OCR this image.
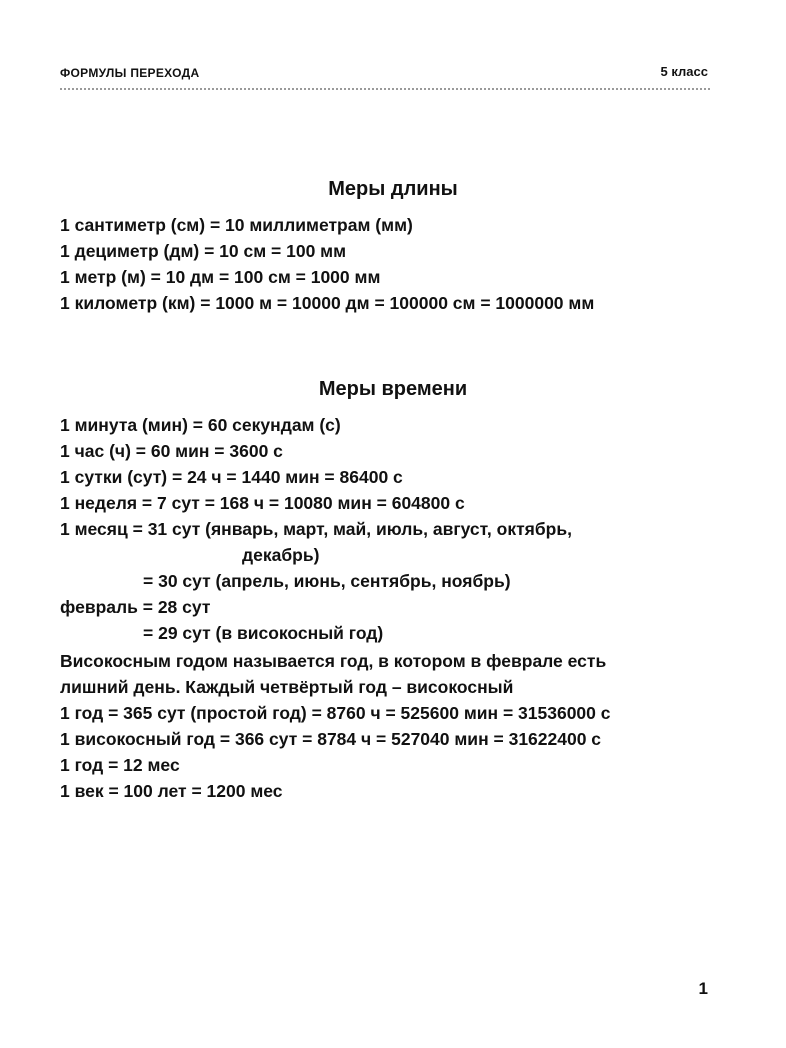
ФОРМУЛЫ ПЕРЕХОДА	5 класс
Меры длины
1 сантиметр (см) = 10 миллиметрам (мм)
1 дециметр (дм) = 10 см = 100 мм
1 метр (м) = 10 дм = 100 см = 1000 мм
1 километр (км) = 1000 м = 10000 дм = 100000 см = 1000000 мм
Меры времени
1 минута (мин) = 60 секундам (с)
1 час (ч) = 60 мин = 3600 с
1 сутки (сут) = 24 ч = 1440 мин = 86400 с
1 неделя = 7 сут = 168 ч = 10080 мин = 604800 с
1 месяц = 31 сут (январь, март, май, июль, август, октябрь,
декабрь)
= 30 сут (апрель, июнь, сентябрь, ноябрь)
февраль = 28 сут
= 29 сут (в високосный год)
Високосным годом называется год, в котором в феврале есть
лишний день. Каждый четвёртый год – високосный
1 год = 365 сут (простой год) = 8760 ч = 525600 мин = 31536000 с
1 високосный год = 366 сут = 8784 ч = 527040 мин = 31622400 с
1 год = 12 мес
1 век = 100 лет = 1200 мес
1
